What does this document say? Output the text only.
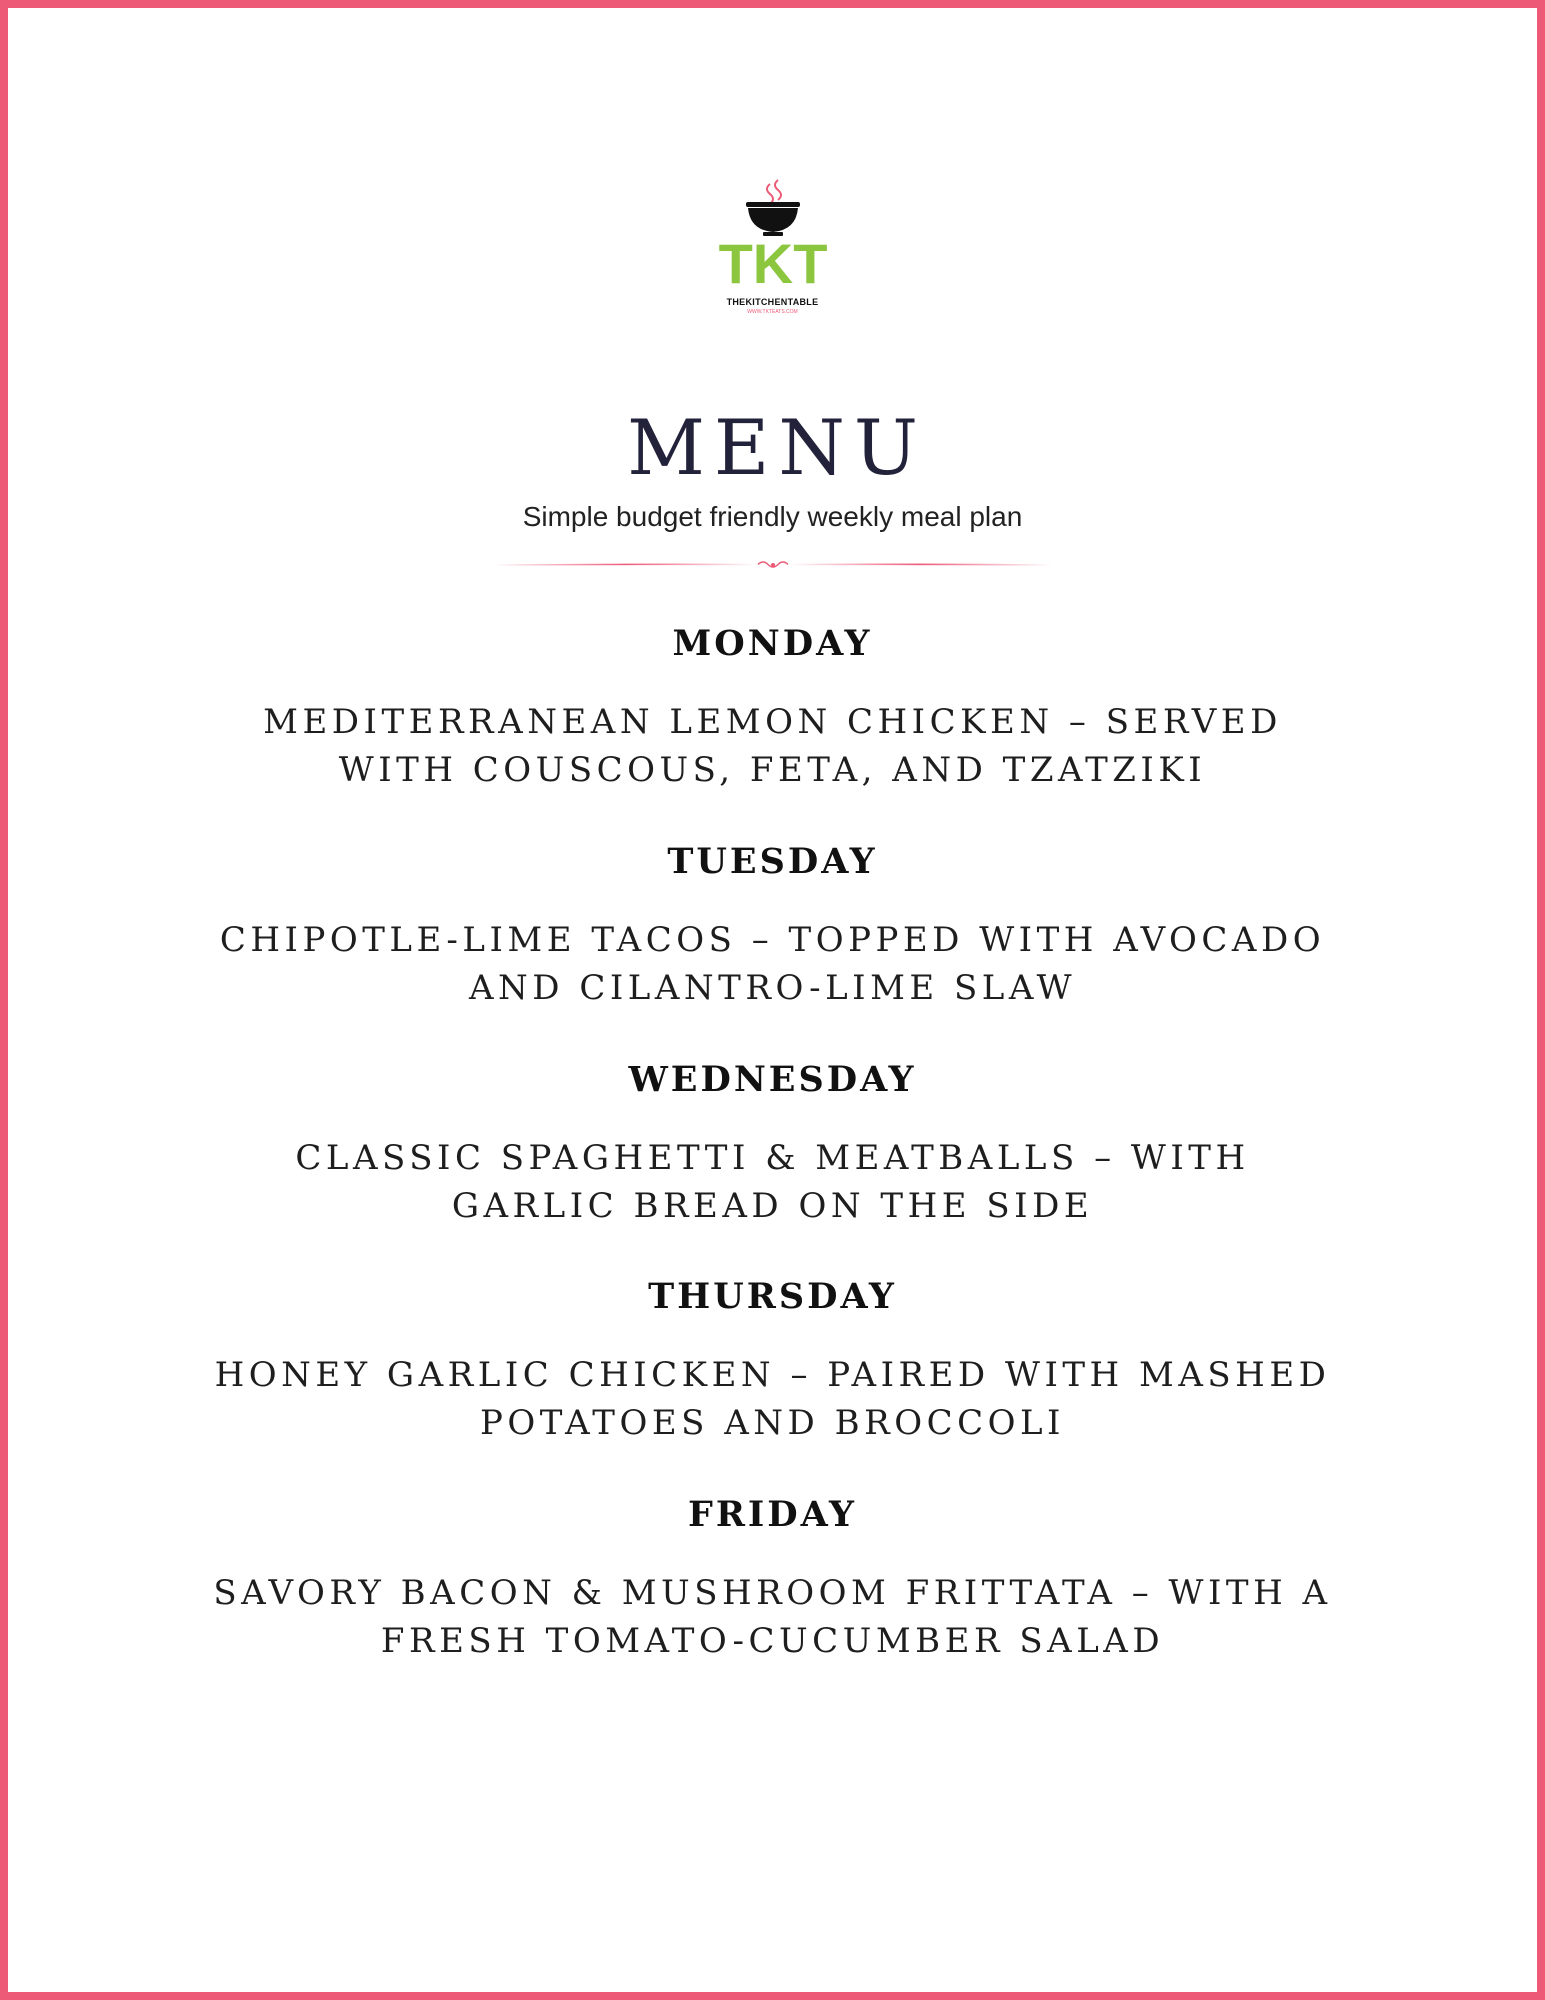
TKT
THEKITCHENTABLE
WWW.TKTEATS.COM
MENU
Simple budget friendly weekly meal plan
MONDAY
MEDITERRANEAN LEMON CHICKEN – SERVED WITH COUSCOUS, FETA, AND TZATZIKI
TUESDAY
CHIPOTLE-LIME TACOS – TOPPED WITH AVOCADO AND CILANTRO-LIME SLAW
WEDNESDAY
CLASSIC SPAGHETTI & MEATBALLS – WITH GARLIC BREAD ON THE SIDE
THURSDAY
HONEY GARLIC CHICKEN – PAIRED WITH MASHED POTATOES AND BROCCOLI
FRIDAY
SAVORY BACON & MUSHROOM FRITTATA – WITH A FRESH TOMATO-CUCUMBER SALAD
